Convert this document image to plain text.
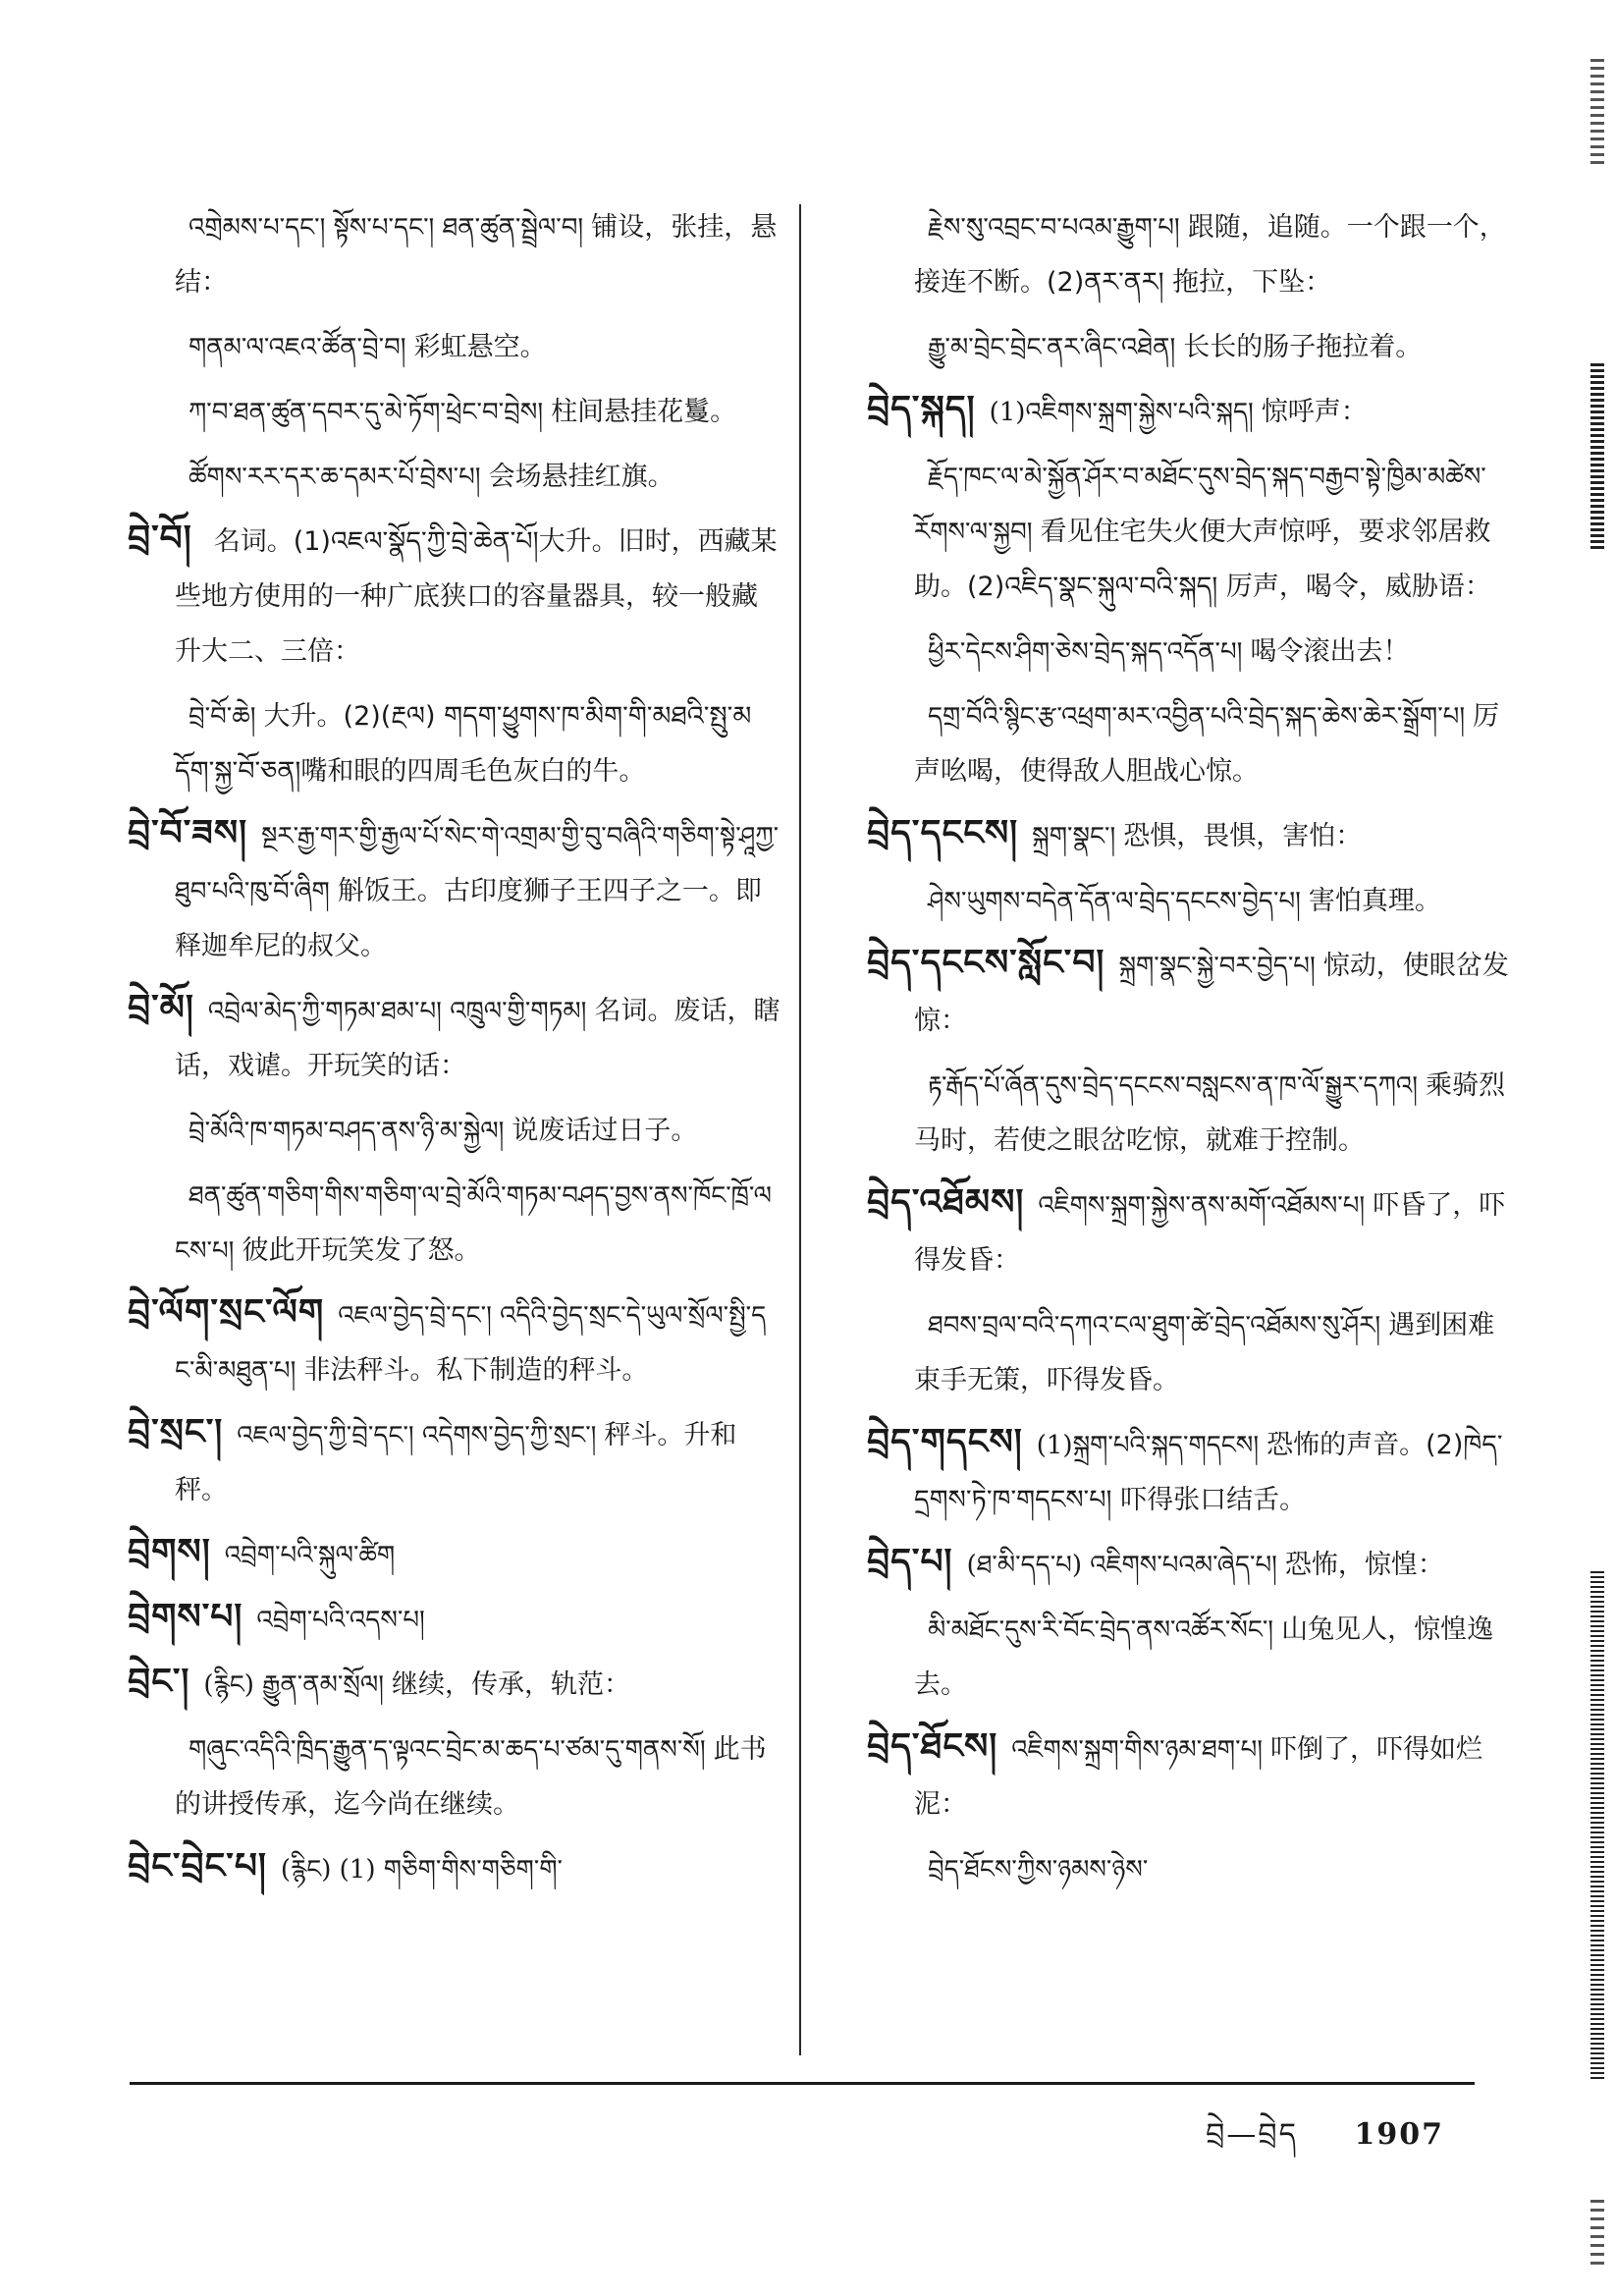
འགྲེམས་པ་དང་། སྟོས་པ་དང་། ཐན་ཚུན་སྦྲེལ་བ། 铺设，张挂，悬结：

གནམ་ལ་འཇའ་ཚོན་བྲེ་བ། 彩虹悬空。

ཀ་བ་ཐན་ཚུན་དབར་དུ་མེ་ཏོག་ཕྲེང་བ་བྲེས། 柱间悬挂花鬘。

ཚོགས་རར་དར་ཆ་དམར་པོ་བྲེས་པ། 会场悬挂红旗。

བྲེ་བོ། 名词。(1)འཇལ་སྣོད་ཀྱི་བྲེ་ཆེན་པོ།大升。旧时，西藏某些地方使用的一种广底狭口的容量器具，较一般藏升大二、三倍：

བྲེ་བོ་ཆེ། 大升。(2)(རྔལ) གདག་ཕྱུགས་ཁ་མིག་གི་མཐའི་སྤུ་མདོག་སྐྱ་བོ་ཅན།嘴和眼的四周毛色灰白的牛。

བྲེ་བོ་ཟས། སྔར་རྒྱ་གར་གྱི་རྒྱལ་པོ་སེང་གེ་འགྲམ་གྱི་བུ་བཞིའི་གཅིག་སྟེ་ཤཱཀྱ་ཐུབ་པའི་ཁུ་བོ་ཞིག 斛饭王。古印度狮子王四子之一。即释迦牟尼的叔父。

བྲེ་མོ། འབྲེལ་མེད་ཀྱི་གཏམ་ཐམ་པ། འཁྲུལ་གྱི་གཏམ། 名词。废话，瞎话，戏谑。开玩笑的话：

བྲེ་མོའི་ཁ་གཏམ་བཤད་ནས་ཉི་མ་སྐྱེལ། 说废话过日子。

ཐན་ཚུན་གཅིག་གིས་གཅིག་ལ་བྲེ་མོའི་གཏམ་བཤད་བྱས་ནས་ཁོང་ཁྲོ་ལངས་པ། 彼此开玩笑发了怒。

བྲེ་ལོག་སྲང་ལོག འཇལ་བྱེད་བྲེ་དང་། འདིའི་བྱེད་སྲང་དེ་ཡུལ་སྲོལ་སྤྱི་དང་མི་མཐུན་པ། 非法秤斗。私下制造的秤斗。

བྲེ་སྲང་། འཇལ་བྱེད་ཀྱི་བྲེ་དང་། འདེགས་བྱེད་ཀྱི་སྲང་། 秤斗。升和秤。

བྲེགས། འབྲེག་པའི་སྐུལ་ཚིག

བྲེགས་པ། འབྲེག་པའི་འདས་པ།

བྲེང་། (རྙིང) རྒྱུན་ནམ་སྲོལ། 继续，传承，轨范：

གཞུང་འདིའི་ཁྲིད་རྒྱུན་ད་ལྟའང་བྲེང་མ་ཆད་པ་ཙམ་དུ་གནས་སོ། 此书的讲授传承，迄今尚在继续。

བྲེང་བྲེང་པ། (རྙིང) (1) གཅིག་གིས་གཅིག་གི་

རྗེས་སུ་འབྲང་བ་པའམ་རྒྱུག་པ། 跟随，追随。一个跟一个，接连不断。(2)ནར་ནར། 拖拉，下坠：

རྒྱུ་མ་བྲེང་བྲེང་ནར་ཞིང་འཐེན། 长长的肠子拖拉着。

བྲེད་སྐད། (1)འཇིགས་སྐྲག་སྐྱེས་པའི་སྐད། 惊呼声：

རྗོད་ཁང་ལ་མེ་སྐྱོན་ཤོར་བ་མཐོང་དུས་བྲེད་སྐད་བརྒྱབ་སྟེ་ཁྱིམ་མཚེས་རོགས་ལ་སྐྱབ། 看见住宅失火便大声惊呼，要求邻居救助。(2)འཇིད་སྣང་སྐུལ་བའི་སྐད། 厉声，喝令，威胁语：

ཕྱིར་དེངས་ཤིག་ཅེས་བྲེད་སྐད་འདོན་པ། 喝令滚出去！

དགྲ་བོའི་སྙིང་རྩ་འཕྲག་མར་འབྱིན་པའི་བྲེད་སྐད་ཆེས་ཆེར་སྒྲོག་པ། 厉声吆喝，使得敌人胆战心惊。

བྲེད་དངངས། སྐྲག་སྣང་། 恐惧，畏惧，害怕：

ཤེས་ཡུགས་བདེན་དོན་ལ་བྲེད་དངངས་བྱེད་པ། 害怕真理。

བྲེད་དངངས་སློང་བ། སྐྲག་སྣང་སྐྱེ་བར་བྱེད་པ། 惊动，使眼岔发惊：

རྟ་རྒོད་པོ་ཞོན་དུས་བྲེད་དངངས་བསླངས་ན་ཁ་ལོ་སྒྱུར་དཀའ། 乘骑烈马时，若使之眼岔吃惊，就难于控制。

བྲེད་འཐོམས། འཇིགས་སྐྲག་སྐྱེས་ནས་མགོ་འཐོམས་པ། 吓昏了，吓得发昏：

ཐབས་བྲལ་བའི་དཀའ་ངལ་ཐུག་ཚེ་བྲེད་འཐོམས་སུ་ཤོར། 遇到困难束手无策，吓得发昏。

བྲེད་གདངས། (1)སྐྲག་པའི་སྐད་གདངས། 恐怖的声音。(2)ཁེད་དྲགས་ཏེ་ཁ་གདངས་པ། 吓得张口结舌。

བྲེད་པ། (ཐ་མི་དད་པ) འཇིགས་པའམ་ཞེད་པ། 恐怖，惊惶：

མི་མཐོང་དུས་རི་བོང་བྲེད་ནས་འཚོར་སོང་། 山兔见人，惊惶逸去。

བྲེད་ཐོངས། འཇིགས་སྐྲག་གིས་ཉམ་ཐག་པ། 吓倒了，吓得如烂泥：

བྲེད་ཐོངས་ཀྱིས་ཉམས་ཉེས་

བྲེ—བྲེད 1907
